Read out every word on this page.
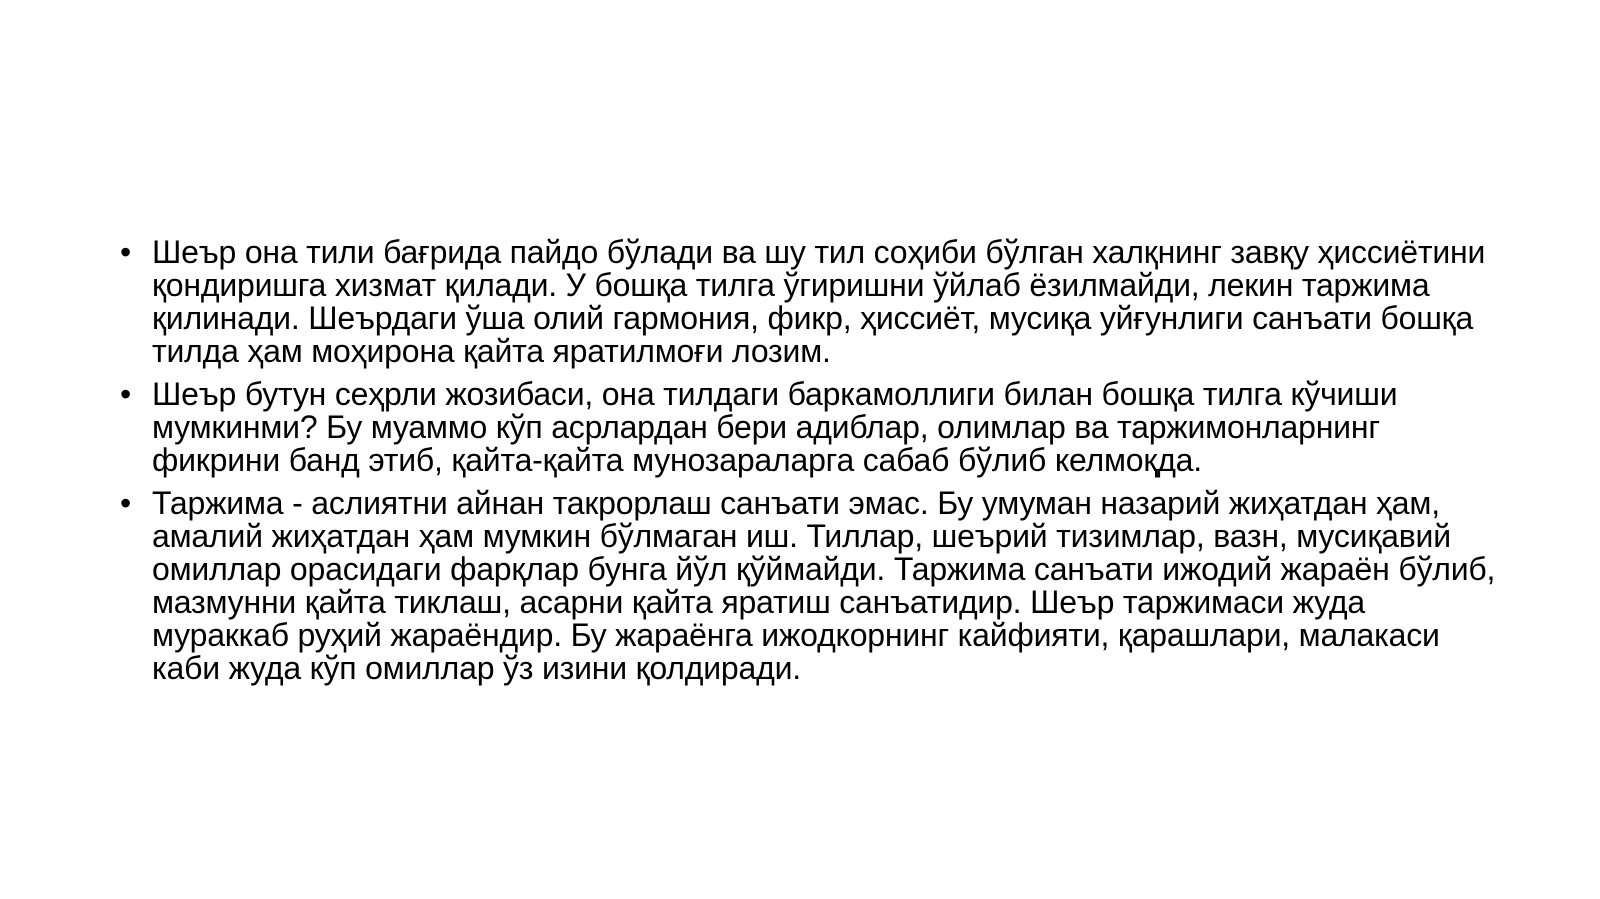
• Шеър она тили бағрида пайдо бўлади ва шу тил соҳиби бўлган халқнинг завқу ҳиссиётини қондиришга хизмат қилади. У бошқа тилга ўгиришни ўйлаб ёзилмайди, лекин таржима қилинади. Шеърдаги ўша олий гармония, фикр, ҳиссиёт, мусиқа уйғунлиги санъати бошқа тилда ҳам моҳирона қайта яратилмоғи лозим.
• Шеър бутун сеҳрли жозибаси, она тилдаги баркамоллиги билан бошқа тилга кўчиши мумкинми? Бу муаммо кўп асрлардан бери адиблар, олимлар ва таржимонларнинг фикрини банд этиб, қайта-қайта мунозараларга сабаб бўлиб келмоқда.
• Таржима - аслиятни айнан такрорлаш санъати эмас. Бу умуман назарий жиҳатдан ҳам, амалий жиҳатдан ҳам мумкин бўлмаган иш. Тиллар, шеърий тизимлар, вазн, мусиқавий омиллар орасидаги фарқлар бунга йўл қўймайди. Таржима санъати ижодий жараён бўлиб, мазмунни қайта тиклаш, асарни қайта яратиш санъатидир. Шеър таржимаси жуда мураккаб руҳий жараёндир. Бу жараёнга ижодкорнинг кайфияти, қарашлари, малакаси каби жуда кўп омиллар ўз изини қолдиради.
